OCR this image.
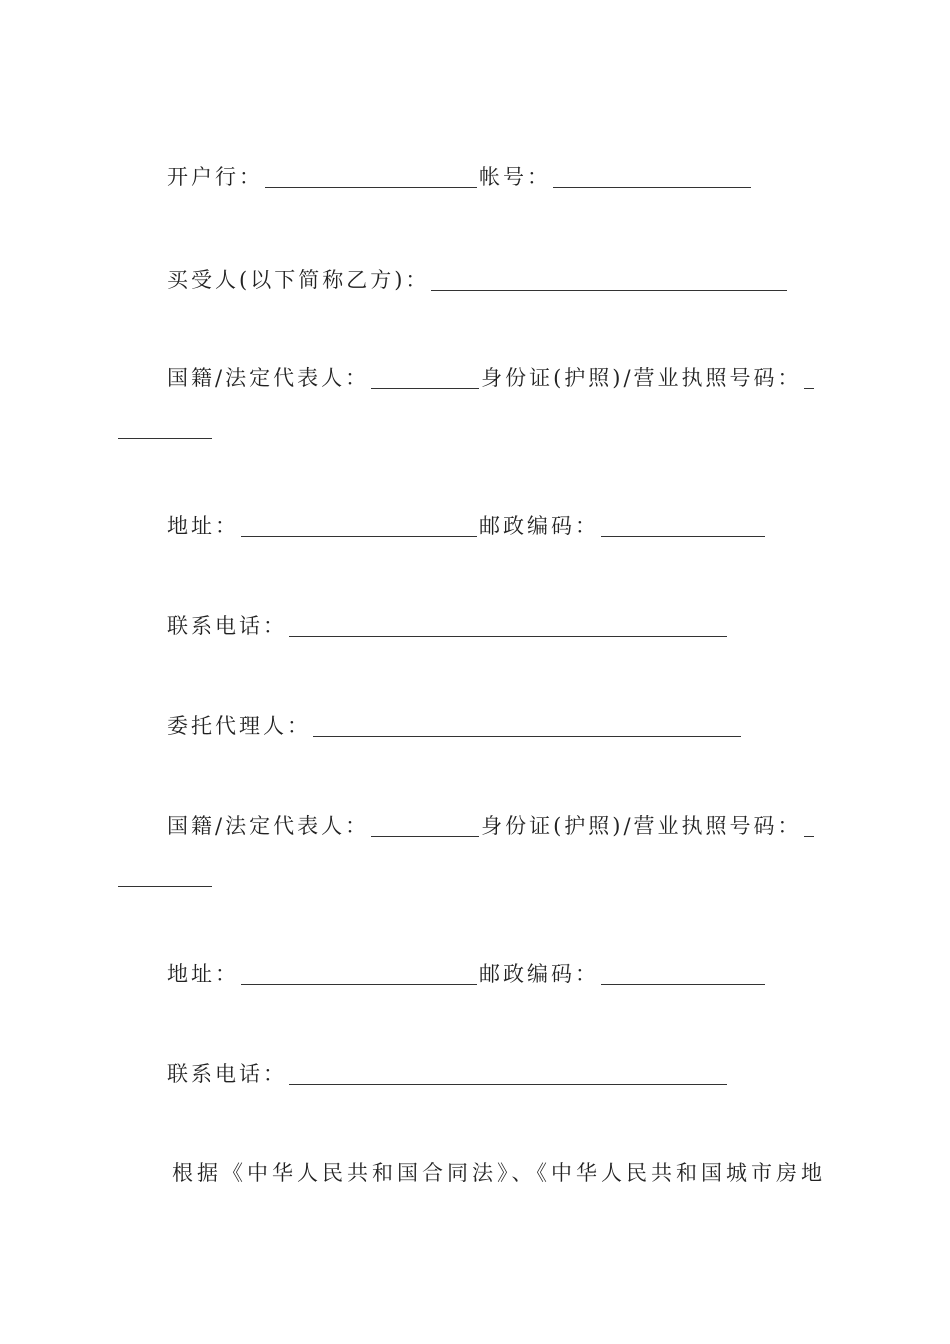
开户行：	帐号：
买受人(以下简称乙方)：
国籍/法定代表人：	身份证(护照)/营业执照号码：
地址：	邮政编码：
联系电话：
委托代理人：
国籍/法定代表人：	身份证(护照)/营业执照号码：
地址：	邮政编码：
联系电话：
根据《中华人民共和国合同法》、《中华人民共和国城市房地
